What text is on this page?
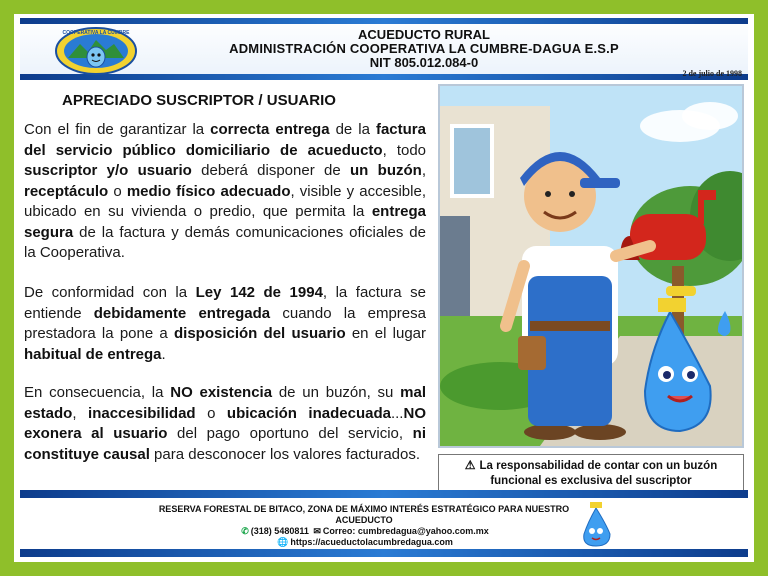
COOPERATIVA LA CUMBRE	ACUEDUCTO RURAL
ADMINISTRACIÓN COOPERATIVA LA CUMBRE-DAGUA E.S.P
NIT 805.012.084-0
2 de julio de 1998
APRECIADO SUSCRIPTOR / USUARIO
Con el fin de garantizar la correcta entrega de la factura del servicio público domiciliario de acueducto, todo suscriptor y/o usuario deberá disponer de un buzón, receptáculo o medio físico adecuado, visible y accesible, ubicado en su vivienda o predio, que permita la entrega segura de la factura y demás comunicaciones oficiales de la Cooperativa.
De conformidad con la Ley 142 de 1994, la factura se entiende debidamente entregada cuando la empresa prestadora la pone a disposición del usuario en el lugar habitual de entrega.
En consecuencia, la NO existencia de un buzón, su mal estado, inaccesibilidad o ubicación inadecuada...NO exonera al usuario del pago oportuno del servicio, ni constituye causal para desconocer los valores facturados.
⚠ La responsabilidad de contar con un buzón funcional es exclusiva del suscriptor
RESERVA FORESTAL DE BITACO, ZONA DE MÁXIMO INTERÉS ESTRATÉGICO PARA NUESTRO ACUEDUCTO
✆ (318) 5480811 ✉ Correo: cumbredagua@yahoo.com.mx
🌐 https://acueductolacumbredagua.com
